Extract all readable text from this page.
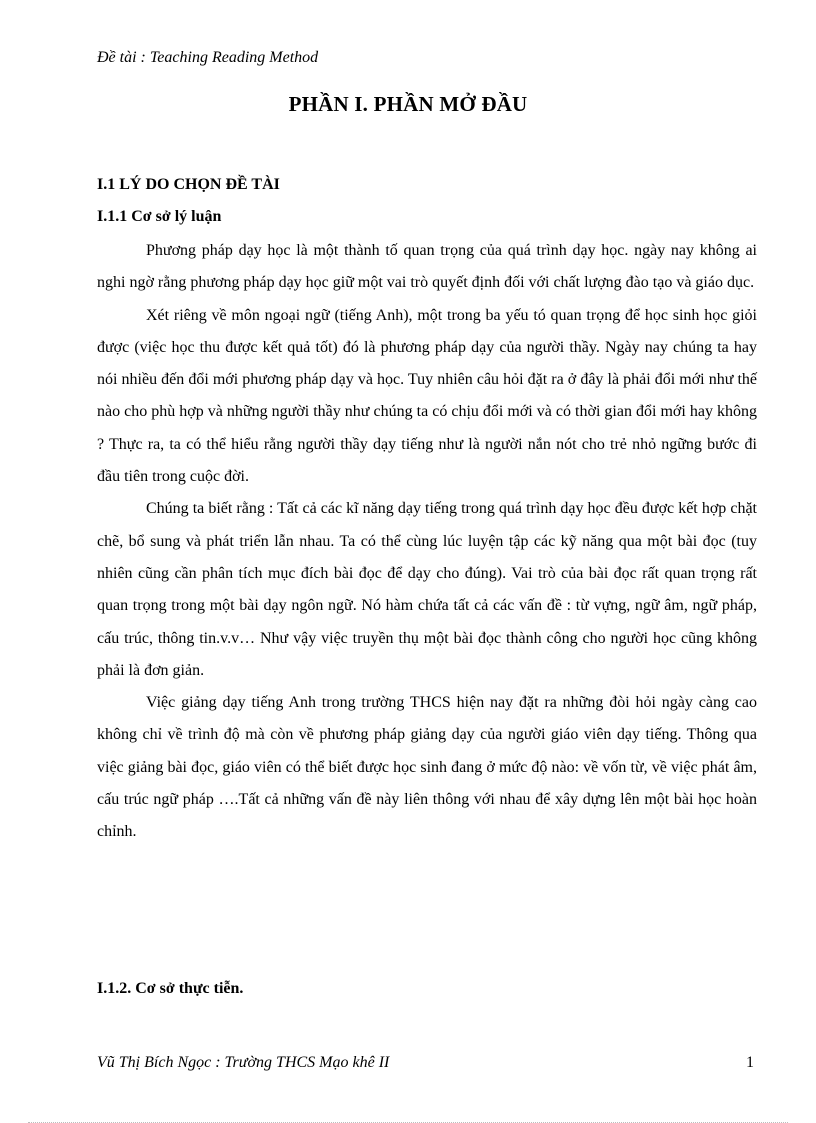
Đề tài : Teaching Reading Method
PHẦN I. PHẦN MỞ ĐẦU
I.1 LÝ DO CHỌN ĐỀ TÀI
I.1.1 Cơ sở lý luận

Phương pháp dạy học là một thành tố quan trọng của quá trình dạy học. ngày nay không ai nghi ngờ rằng phương pháp dạy học giữ một vai trò quyết định đối với chất lượng đào tạo và giáo dục.

Xét riêng về môn ngoại ngữ (tiếng Anh), một trong ba yếu tó quan trọng để học sinh học giỏi được (việc học thu được kết quả tốt) đó là phương pháp dạy của người thầy. Ngày nay chúng ta hay nói nhiều đến đổi mới phương pháp dạy và học. Tuy nhiên câu hỏi đặt ra ở đây là phải đổi mới như thế nào cho phù hợp và những người thầy như chúng ta có chịu đổi mới và có thời gian đổi mới hay không ? Thực ra, ta có thể hiểu rằng người thầy dạy tiếng như là người nắn nót cho trẻ nhỏ ngững bước đi đầu tiên trong cuộc đời.

Chúng ta biết rằng : Tất cả các kĩ năng dạy tiếng trong quá trình dạy học đều được kết hợp chặt chẽ, bổ sung và phát triển lẫn nhau. Ta có thể cùng lúc luyện tập các kỹ năng qua một bài đọc (tuy nhiên cũng cần phân tích mục đích bài đọc để dạy cho đúng). Vai trò của bài đọc rất quan trọng rất quan trọng trong một bài dạy ngôn ngữ. Nó hàm chứa tất cả các vấn đề : từ vựng, ngữ âm, ngữ pháp, cấu trúc, thông tin.v.v… Như vậy việc truyền thụ một bài đọc thành công cho người học cũng không phải là đơn giản.

Việc giảng dạy tiếng Anh trong trường THCS hiện nay đặt ra những đòi hỏi ngày càng cao không chỉ về trình độ mà còn về phương pháp giảng dạy của người giáo viên dạy tiếng. Thông qua việc giảng bài đọc, giáo viên có thể biết được học sinh đang ở mức độ nào: về vốn từ, về việc phát âm, cấu trúc ngữ pháp ….Tất cả những vấn đề này liên thông với nhau để xây dựng lên một bài học hoàn chỉnh.

I.1.2. Cơ sở thực tiễn.
Vũ Thị Bích Ngọc : Trường THCS Mạo khê II	1
